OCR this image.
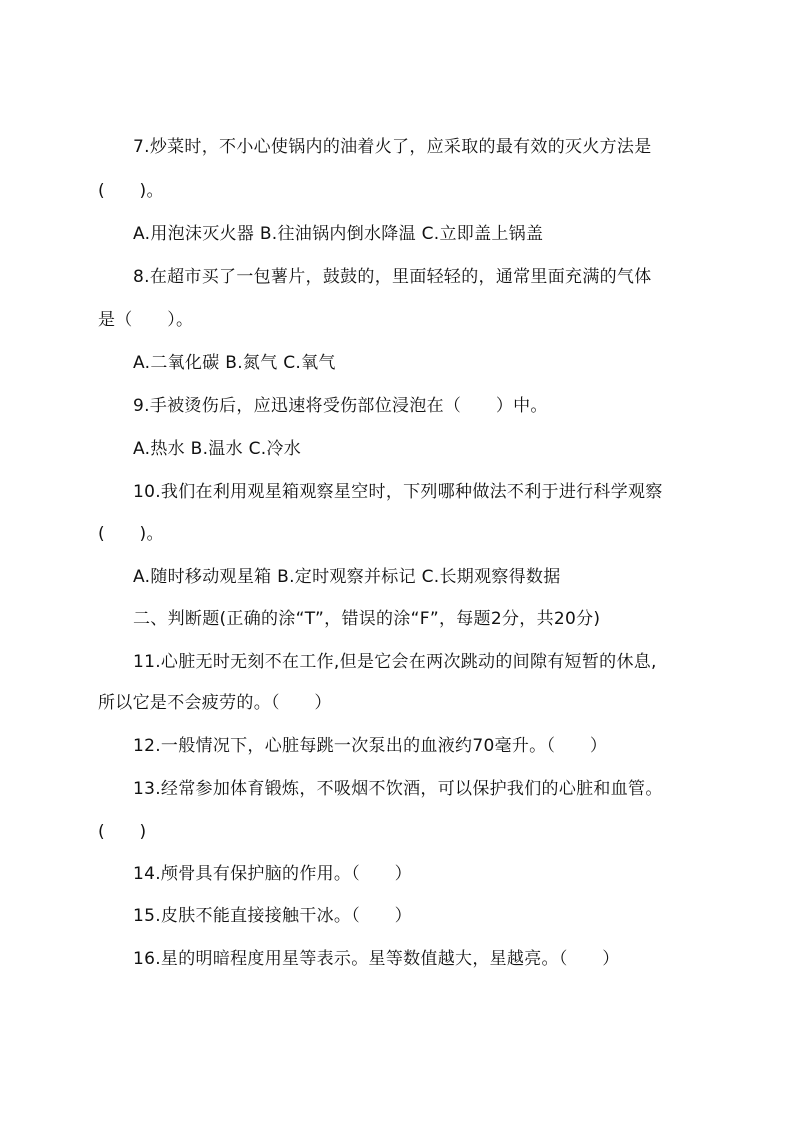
7.炒菜时，不小心使锅内的油着火了，应采取的最有效的灭火方法是
(　　)。
A.用泡沫灭火器 B.往油锅内倒水降温 C.立即盖上锅盖
8.在超市买了一包薯片，鼓鼓的，里面轻轻的，通常里面充满的气体
是（　　）。
A.二氧化碳 B.氮气 C.氧气
9.手被烫伤后，应迅速将受伤部位浸泡在（　　）中。
A.热水 B.温水 C.冷水
10.我们在利用观星箱观察星空时，下列哪种做法不利于进行科学观察
(　　)。
A.随时移动观星箱 B.定时观察并标记 C.长期观察得数据
二、判断题(正确的涂“T”，错误的涂“F”，每题2分，共20分)
11.心脏无时无刻不在工作,但是它会在两次跳动的间隙有短暂的休息,
所以它是不会疲劳的。（　　）
12.一般情况下，心脏每跳一次泵出的血液约70毫升。（　　）
13.经常参加体育锻炼，不吸烟不饮酒，可以保护我们的心脏和血管。
(　　)
14.颅骨具有保护脑的作用。（　　）
15.皮肤不能直接接触干冰。（　　）
16.星的明暗程度用星等表示。星等数值越大，星越亮。（　　）
